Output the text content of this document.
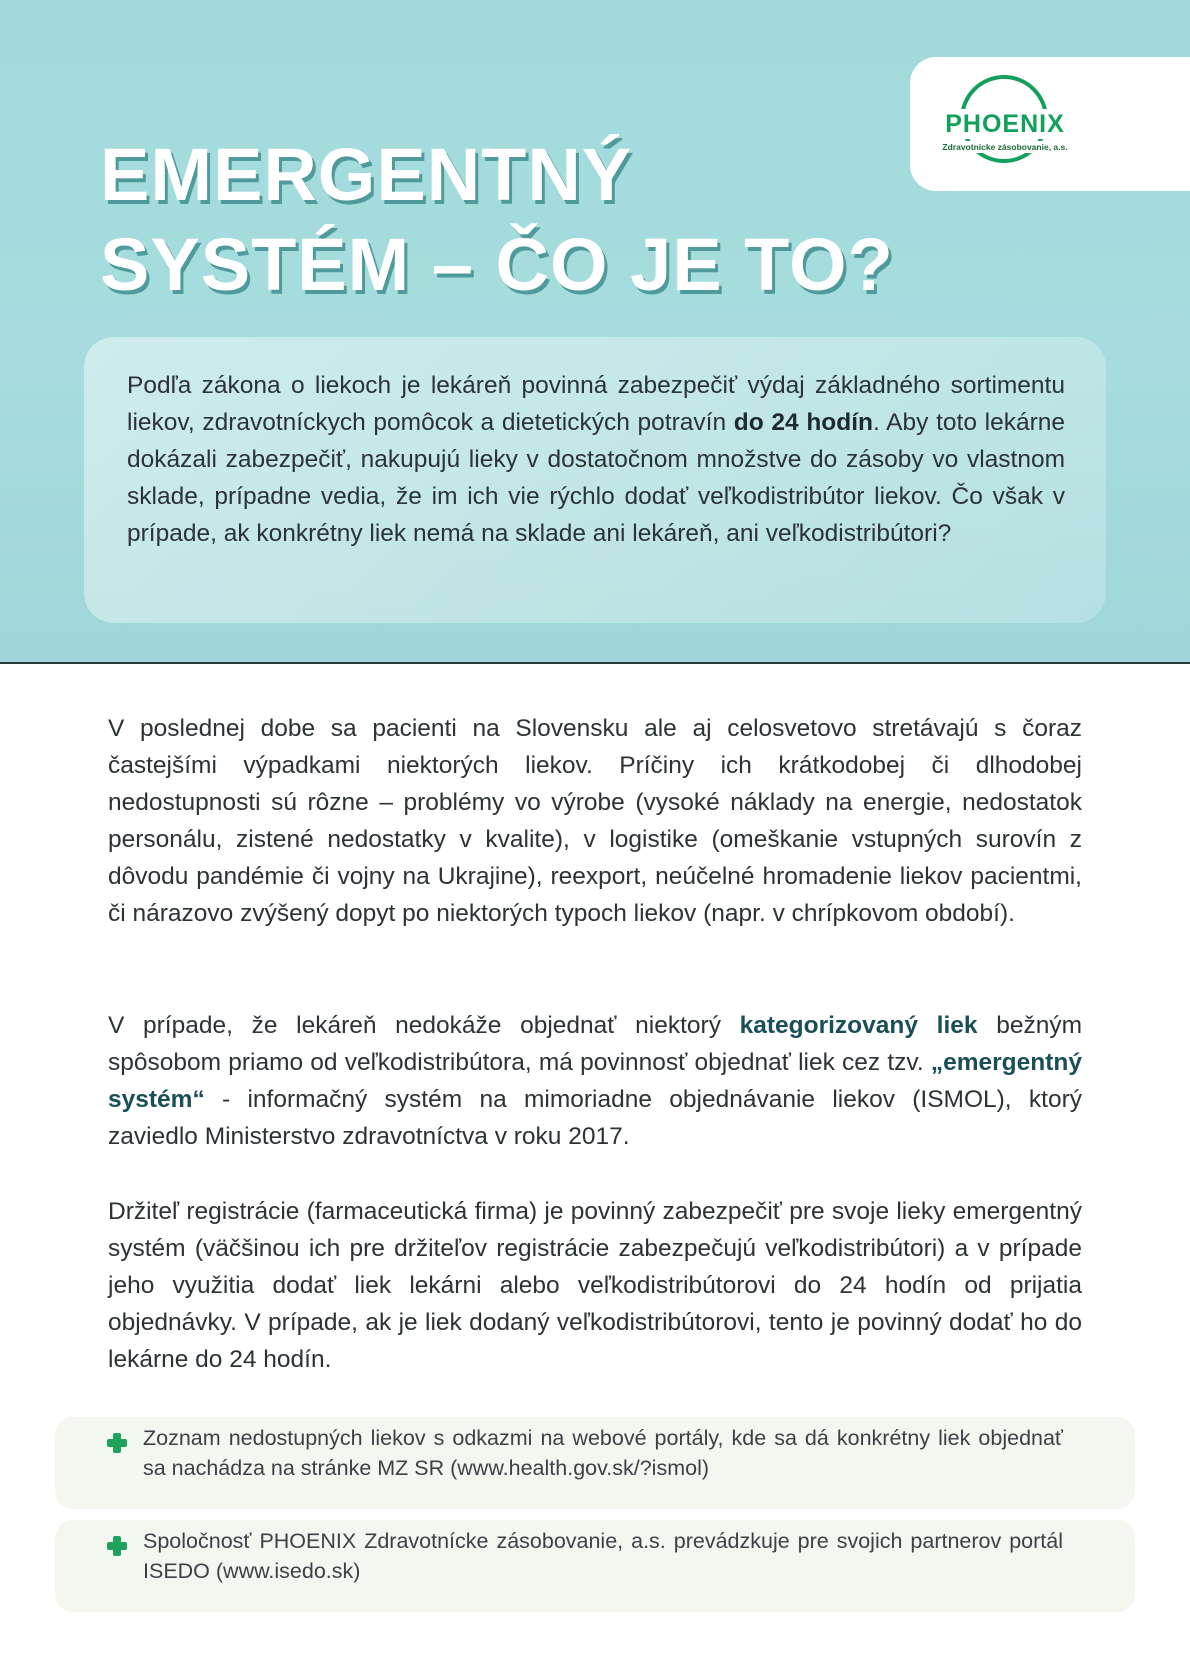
PHOENIX
Zdravotnícke zásobovanie, a.s.
EMERGENTNÝ
SYSTÉM – ČO JE TO?

Podľa zákona o liekoch je lekáreň povinná zabezpečiť výdaj základného sortimentu liekov, zdravotníckych pomôcok a dietetických potravín do 24 hodín. Aby toto lekárne dokázali zabezpečiť, nakupujú lieky v dostatočnom množstve do zásoby vo vlastnom sklade, prípadne vedia, že im ich vie rýchlo dodať veľkodistribútor liekov. Čo však v prípade, ak konkrétny liek nemá na sklade ani lekáreň, ani veľkodistribútori?

V poslednej dobe sa pacienti na Slovensku ale aj celosvetovo stretávajú s čoraz častejšími výpadkami niektorých liekov. Príčiny ich krátkodobej či dlhodobej nedostupnosti sú rôzne – problémy vo výrobe (vysoké náklady na energie, nedostatok personálu, zistené nedostatky v kvalite), v logistike (omeškanie vstupných surovín z dôvodu pandémie či vojny na Ukrajine), reexport, neúčelné hromadenie liekov pacientmi, či nárazovo zvýšený dopyt po niektorých typoch liekov (napr. v chrípkovom období).

V prípade, že lekáreň nedokáže objednať niektorý kategorizovaný liek bežným spôsobom priamo od veľkodistribútora, má povinnosť objednať liek cez tzv. „emergentný systém“ - informačný systém na mimoriadne objednávanie liekov (ISMOL), ktorý zaviedlo Ministerstvo zdravotníctva v roku 2017.

Držiteľ registrácie (farmaceutická firma) je povinný zabezpečiť pre svoje lieky emergentný systém (väčšinou ich pre držiteľov registrácie zabezpečujú veľkodistribútori) a v prípade jeho využitia dodať liek lekárni alebo veľkodistribútorovi do 24 hodín od prijatia objednávky. V prípade, ak je liek dodaný veľkodistribútorovi, tento je povinný dodať ho do lekárne do 24 hodín.

Zoznam nedostupných liekov s odkazmi na webové portály, kde sa dá konkrétny liek objednať sa nachádza na stránke MZ SR (www.health.gov.sk/?ismol)

Spoločnosť PHOENIX Zdravotnícke zásobovanie, a.s. prevádzkuje pre svojich partnerov portál ISEDO (www.isedo.sk)
